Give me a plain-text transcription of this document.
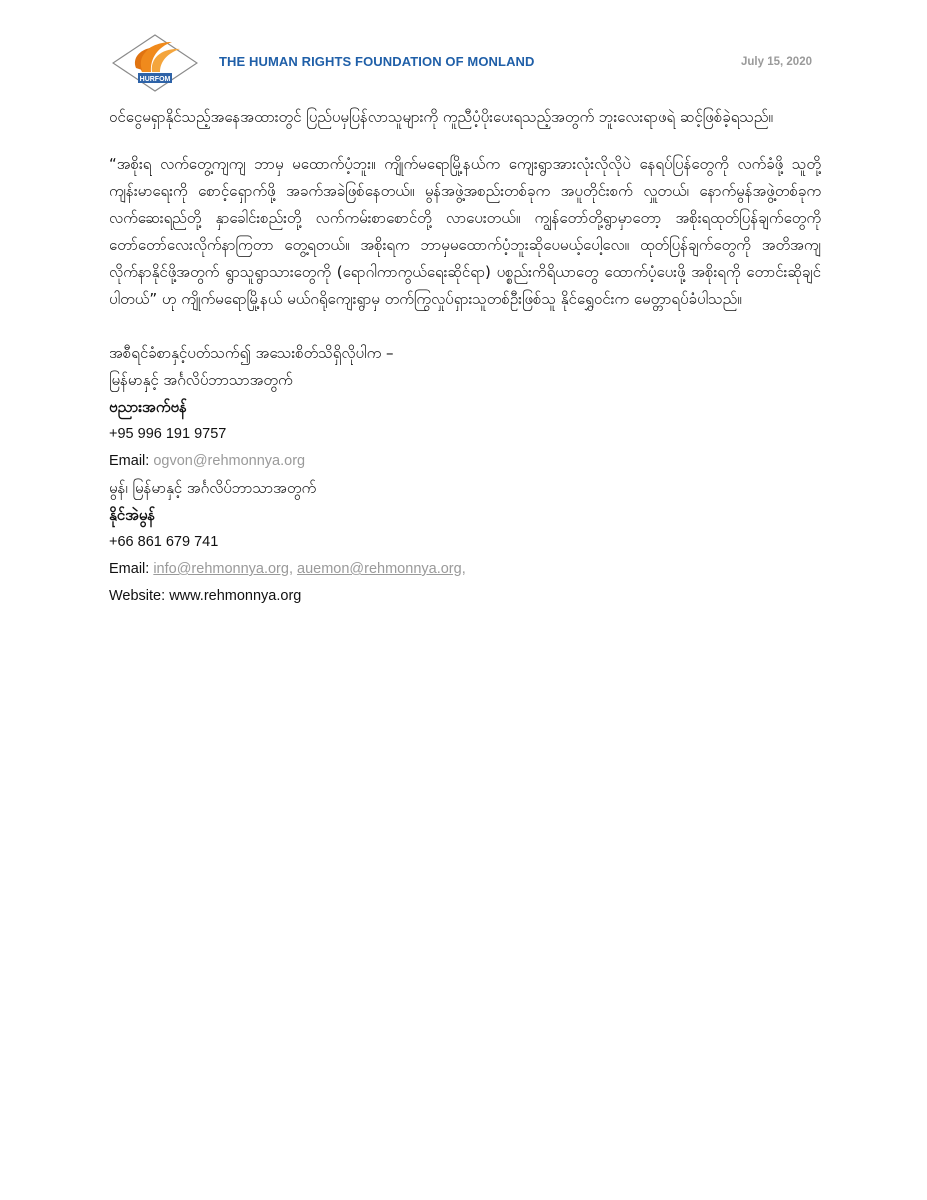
HURFOM
THE HUMAN RIGHTS FOUNDATION OF MONLAND	July 15, 2020

ဝင်ငွေမရှာနိုင်သည့်အနေအထားတွင် ပြည်ပမှပြန်လာသူများကို ကူညီပံ့ပိုးပေးရသည့်အတွက် ဘူးလေးရာဖရဲ ဆင့်ဖြစ်ခဲ့ရသည်။

“အစိုးရ လက်တွေ့ကျကျ ဘာမှ မထောက်ပံ့ဘူး။ ကျိုက်မရောမြို့နယ်က ကျေးရွာအားလုံးလိုလိုပဲ နေရပ်ပြန်တွေကို လက်ခံဖို့ သူတို့ကျန်းမာရေးကို စောင့်ရှောက်ဖို့ အခက်အခဲဖြစ်နေတယ်။ မွန်အဖွဲ့အစည်းတစ်ခုက အပူတိုင်းစက် လှူတယ်၊ နောက်မွန်အဖွဲ့တစ်ခုက လက်ဆေးရည်တို့ နှာခေါင်းစည်းတို့ လက်ကမ်းစာစောင်တို့ လာပေးတယ်။ ကျွန်တော်တို့ရွာမှာတော့ အစိုးရထုတ်ပြန်ချက်တွေကို တော်တော်လေးလိုက်နာကြတာ တွေ့ရတယ်။ အစိုးရက ဘာမှမထောက်ပံ့ဘူးဆိုပေမယ့်ပေါ့လေ။ ထုတ်ပြန်ချက်တွေကို အတိအကျလိုက်နာနိုင်ဖို့အတွက် ရွာသူရွာသားတွေကို (ရောဂါကာကွယ်ရေးဆိုင်ရာ) ပစ္စည်းကိရိယာတွေ ထောက်ပံ့ပေးဖို့ အစိုးရကို တောင်းဆိုချင်ပါတယ်” ဟု ကျိုက်မရောမြို့နယ် မယ်ဂရိုကျေးရွာမှ တက်ကြွလှုပ်ရှားသူတစ်ဦးဖြစ်သူ နိုင်ရွှေဝင်းက မေတ္တာရပ်ခံပါသည်။

အစီရင်ခံစာနှင့်ပတ်သက်၍ အသေးစိတ်သိရှိလိုပါက –
မြန်မာနှင့် အင်္ဂလိပ်ဘာသာအတွက်
ဗညားအက်ဗန်
+95 996 191 9757
Email: ogvon@rehmonnya.org
မွန်၊ မြန်မာနှင့် အင်္ဂလိပ်ဘာသာအတွက်
နိုင်အဲမွန်
+66 861 679 741
Email: info@rehmonnya.org, auemon@rehmonnya.org,
Website: www.rehmonnya.org
